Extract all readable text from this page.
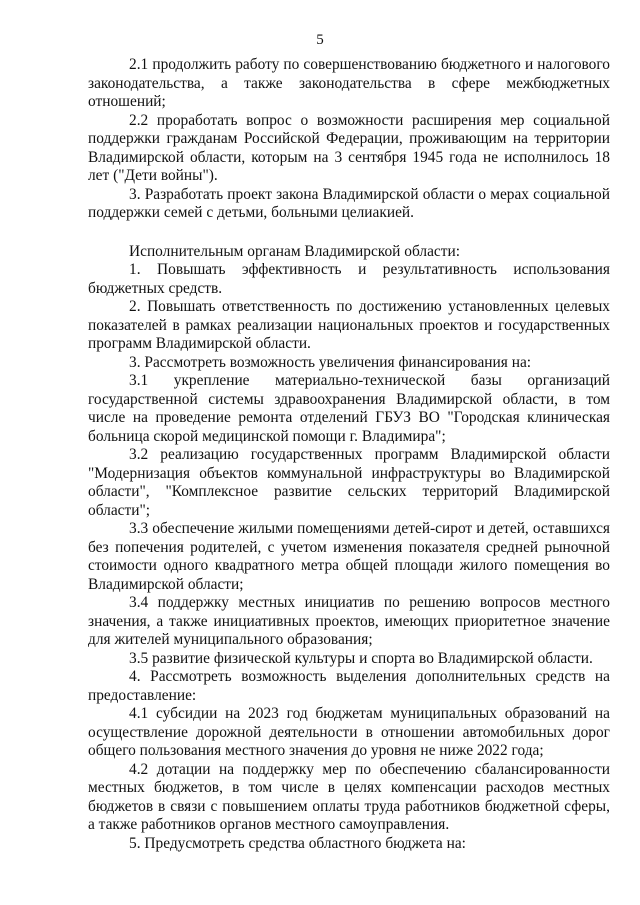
5

2.1 продолжить работу по совершенствованию бюджетного и налогового законодательства, а также законодательства в сфере межбюджетных отношений;

2.2 проработать вопрос о возможности расширения мер социальной поддержки гражданам Российской Федерации, проживающим на территории Владимирской области, которым на 3 сентября 1945 года не исполнилось 18 лет ("Дети войны").

3. Разработать проект закона Владимирской области о мерах социальной поддержки семей с детьми, больными целиакией.

Исполнительным органам Владимирской области:

1. Повышать эффективность и результативность использования бюджетных средств.

2. Повышать ответственность по достижению установленных целевых показателей в рамках реализации национальных проектов и государственных программ Владимирской области.

3. Рассмотреть возможность увеличения финансирования на:

3.1 укрепление материально-технической базы организаций государственной системы здравоохранения Владимирской области, в том числе на проведение ремонта отделений ГБУЗ ВО "Городская клиническая больница скорой медицинской помощи г. Владимира";

3.2 реализацию государственных программ Владимирской области "Модернизация объектов коммунальной инфраструктуры во Владимирской области", "Комплексное развитие сельских территорий Владимирской области";

3.3 обеспечение жилыми помещениями детей-сирот и детей, оставшихся без попечения родителей, с учетом изменения показателя средней рыночной стоимости одного квадратного метра общей площади жилого помещения во Владимирской области;

3.4 поддержку местных инициатив по решению вопросов местного значения, а также инициативных проектов, имеющих приоритетное значение для жителей муниципального образования;

3.5 развитие физической культуры и спорта во Владимирской области.

4. Рассмотреть возможность выделения дополнительных средств на предоставление:

4.1 субсидии на 2023 год бюджетам муниципальных образований на осуществление дорожной деятельности в отношении автомобильных дорог общего пользования местного значения до уровня не ниже 2022 года;

4.2 дотации на поддержку мер по обеспечению сбалансированности местных бюджетов, в том числе в целях компенсации расходов местных бюджетов в связи с повышением оплаты труда работников бюджетной сферы, а также работников органов местного самоуправления.

5. Предусмотреть средства областного бюджета на:
